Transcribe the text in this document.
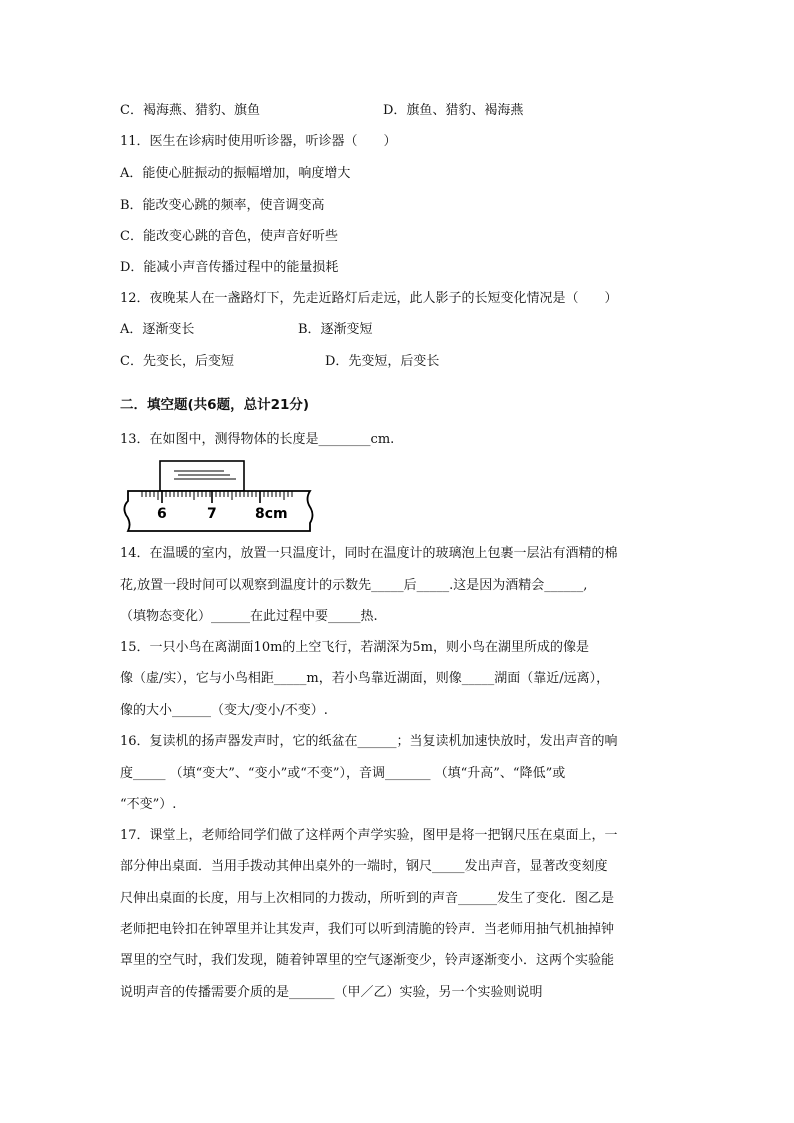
C．褐海燕、猎豹、旗鱼	D．旗鱼、猎豹、褐海燕
11．医生在诊病时使用听诊器，听诊器（　　）
A．能使心脏振动的振幅增加，响度增大
B．能改变心跳的频率，使音调变高
C．能改变心跳的音色，使声音好听些
D．能减小声音传播过程中的能量损耗
12．夜晚某人在一盏路灯下，先走近路灯后走远，此人影子的长短变化情况是（　　）
A．逐渐变长	B．逐渐变短
C．先变长，后变短	D．先变短，后变长
二．填空题(共6题，总计21分)
13．在如图中，测得物体的长度是________cm.
6	7	8cm
14．在温暖的室内，放置一只温度计，同时在温度计的玻璃泡上包裹一层沾有酒精的棉
花,放置一段时间可以观察到温度计的示数先_____后_____.这是因为酒精会______,
（填物态变化）______在此过程中要_____热.
15．一只小鸟在离湖面10m的上空飞行，若湖深为5m，则小鸟在湖里所成的像是
像（虚/实），它与小鸟相距_____m，若小鸟靠近湖面，则像_____湖面（靠近/远离），
像的大小______（变大/变小/不变）.
16．复读机的扬声器发声时，它的纸盆在______；当复读机加速快放时，发出声音的响
度_____ （填“变大”、“变小”或“不变”），音调_______ （填“升高”、“降低”或
“不变”）.
17．课堂上，老师给同学们做了这样两个声学实验，图甲是将一把钢尺压在桌面上，一
部分伸出桌面．当用手拨动其伸出桌外的一端时，钢尺_____发出声音，显著改变刻度
尺伸出桌面的长度，用与上次相同的力拨动，所听到的声音______发生了变化．图乙是
老师把电铃扣在钟罩里并让其发声，我们可以听到清脆的铃声．当老师用抽气机抽掉钟
罩里的空气时，我们发现，随着钟罩里的空气逐渐变少，铃声逐渐变小．这两个实验能
说明声音的传播需要介质的是_______（甲／乙）实验，另一个实验则说明
